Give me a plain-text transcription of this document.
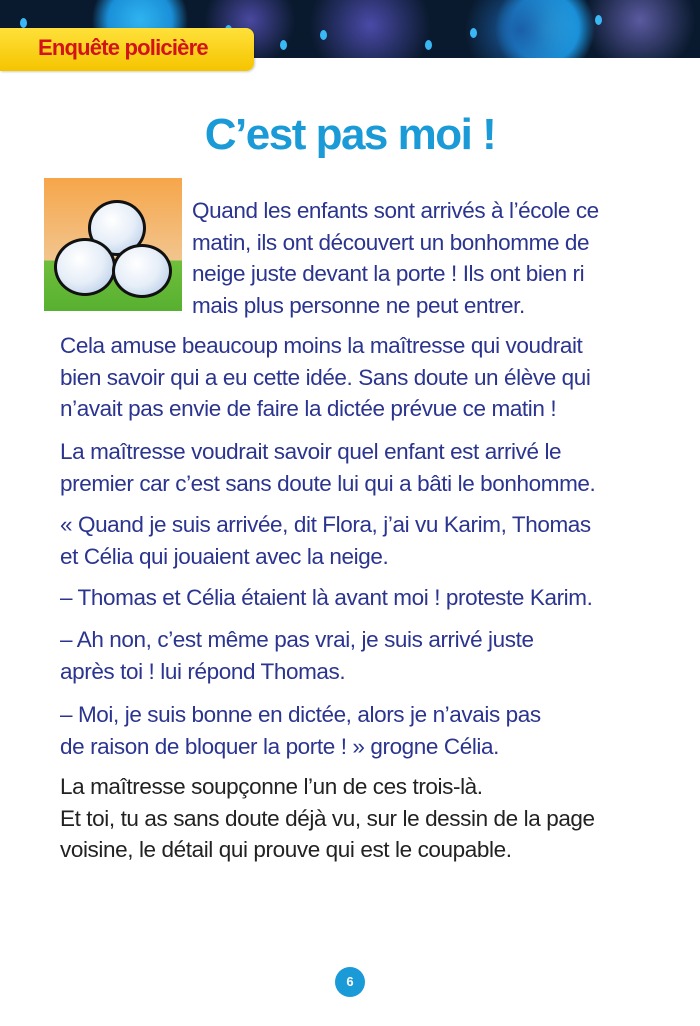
Enquête policière
C’est pas moi !
Quand les enfants sont arrivés à l’école ce
matin, ils ont découvert un bonhomme de
neige juste devant la porte ! Ils ont bien ri
mais plus personne ne peut entrer.
Cela amuse beaucoup moins la maîtresse qui voudrait
bien savoir qui a eu cette idée. Sans doute un élève qui
n’avait pas envie de faire la dictée prévue ce matin !
La maîtresse voudrait savoir quel enfant est arrivé le
premier car c’est sans doute lui qui a bâti le bonhomme.
« Quand je suis arrivée, dit Flora, j’ai vu Karim, Thomas
et Célia qui jouaient avec la neige.
– Thomas et Célia étaient là avant moi ! proteste Karim.
– Ah non, c’est même pas vrai, je suis arrivé juste
après toi ! lui répond Thomas.
– Moi, je suis bonne en dictée, alors je n’avais pas
de raison de bloquer la porte ! » grogne Célia.
La maîtresse soupçonne l’un de ces trois-là.
Et toi, tu as sans doute déjà vu, sur le dessin de la page
voisine, le détail qui prouve qui est le coupable.
6
